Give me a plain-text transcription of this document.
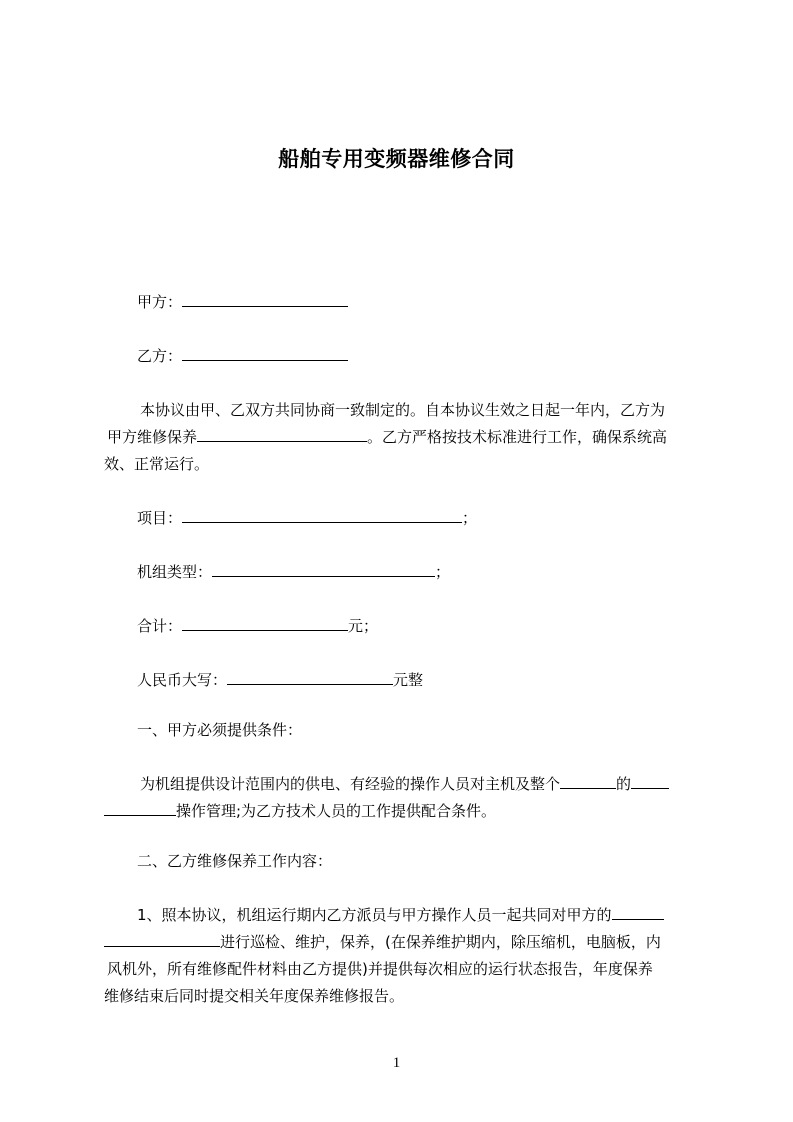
船舶专用变频器维修合同
甲方：
乙方：
本协议由甲、乙双方共同协商一致制定的。自本协议生效之日起一年内，乙方为
甲方维修保养	。乙方严格按技术标准进行工作，确保系统高
效、正常运行。
项目：	；
机组类型：	；
合计：	元；
人民币大写：	元整
一、甲方必须提供条件：
为机组提供设计范围内的供电、有经验的操作人员对主机及整个	的
操作管理;为乙方技术人员的工作提供配合条件。
二、乙方维修保养工作内容：
1、照本协议，机组运行期内乙方派员与甲方操作人员一起共同对甲方的
进行巡检、维护，保养，(在保养维护期内，除压缩机，电脑板，内
风机外，所有维修配件材料由乙方提供)并提供每次相应的运行状态报告，年度保养
维修结束后同时提交相关年度保养维修报告。
1
